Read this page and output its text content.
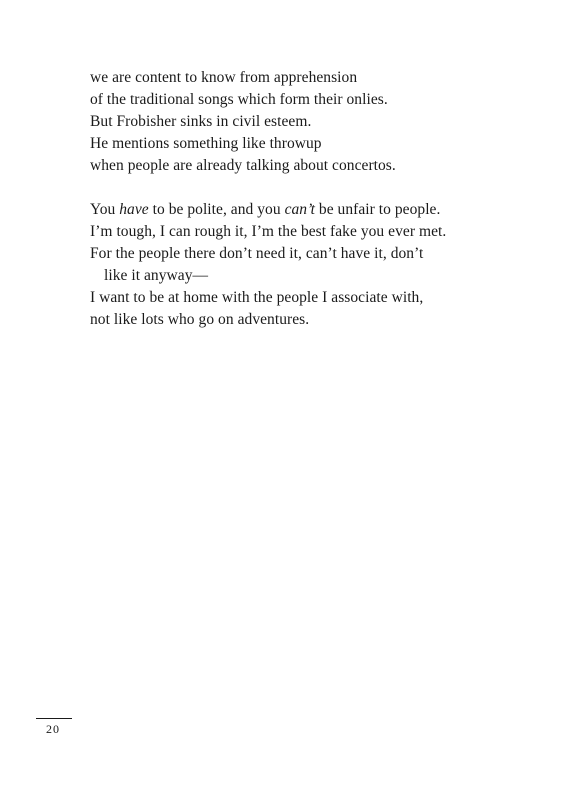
we are content to know from apprehension
of the traditional songs which form their onlies.
But Frobisher sinks in civil esteem.
He mentions something like throwup
when people are already talking about concertos.
You have to be polite, and you can’t be unfair to people.
I’m tough, I can rough it, I’m the best fake you ever met.
For the people there don’t need it, can’t have it, don’t
like it anyway—
I want to be at home with the people I associate with,
not like lots who go on adventures.
20
